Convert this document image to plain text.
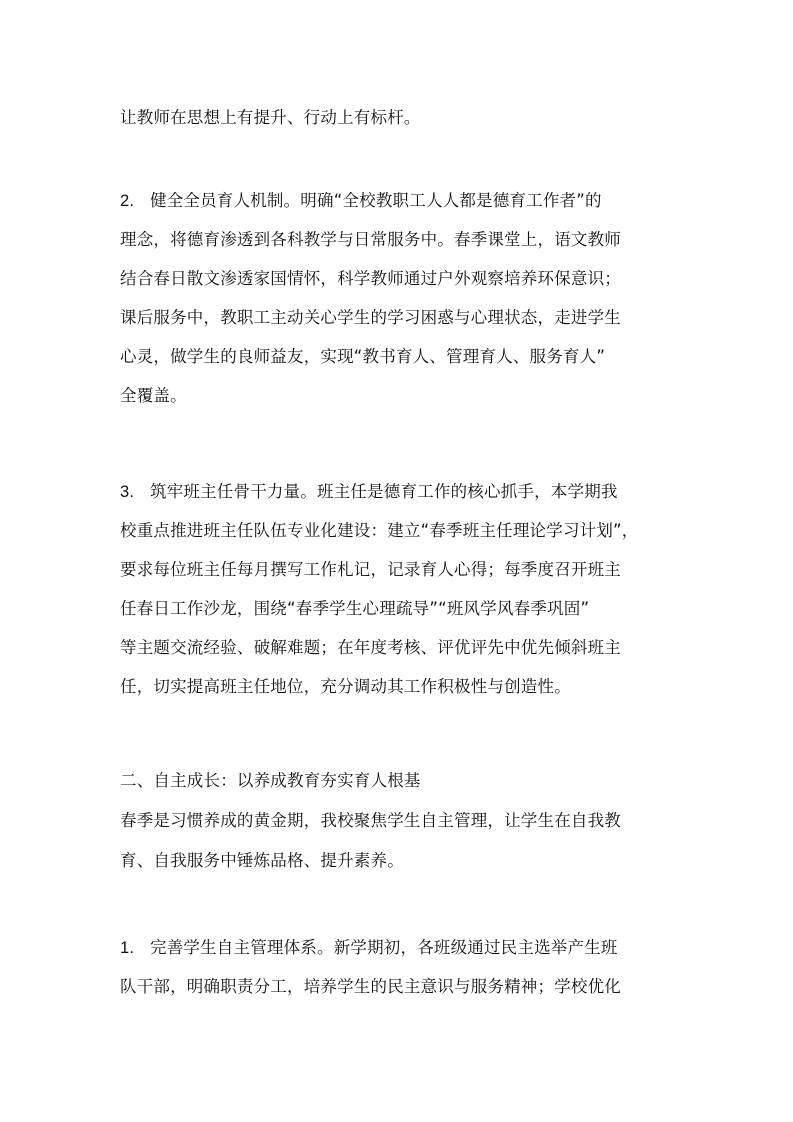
让教师在思想上有提升、行动上有标杆。
2. 健全全员育人机制。明确“全校教职工人人都是德育工作者”的
理念，将德育渗透到各科教学与日常服务中。春季课堂上，语文教师
结合春日散文渗透家国情怀，科学教师通过户外观察培养环保意识；
课后服务中，教职工主动关心学生的学习困惑与心理状态，走进学生
心灵，做学生的良师益友，实现“教书育人、管理育人、服务育人”
全覆盖。
3. 筑牢班主任骨干力量。班主任是德育工作的核心抓手，本学期我
校重点推进班主任队伍专业化建设：建立“春季班主任理论学习计划”，
要求每位班主任每月撰写工作札记，记录育人心得；每季度召开班主
任春日工作沙龙，围绕“春季学生心理疏导”“班风学风春季巩固”
等主题交流经验、破解难题；在年度考核、评优评先中优先倾斜班主
任，切实提高班主任地位，充分调动其工作积极性与创造性。
二、自主成长：以养成教育夯实育人根基
春季是习惯养成的黄金期，我校聚焦学生自主管理，让学生在自我教
育、自我服务中锤炼品格、提升素养。
1. 完善学生自主管理体系。新学期初，各班级通过民主选举产生班
队干部，明确职责分工，培养学生的民主意识与服务精神；学校优化
